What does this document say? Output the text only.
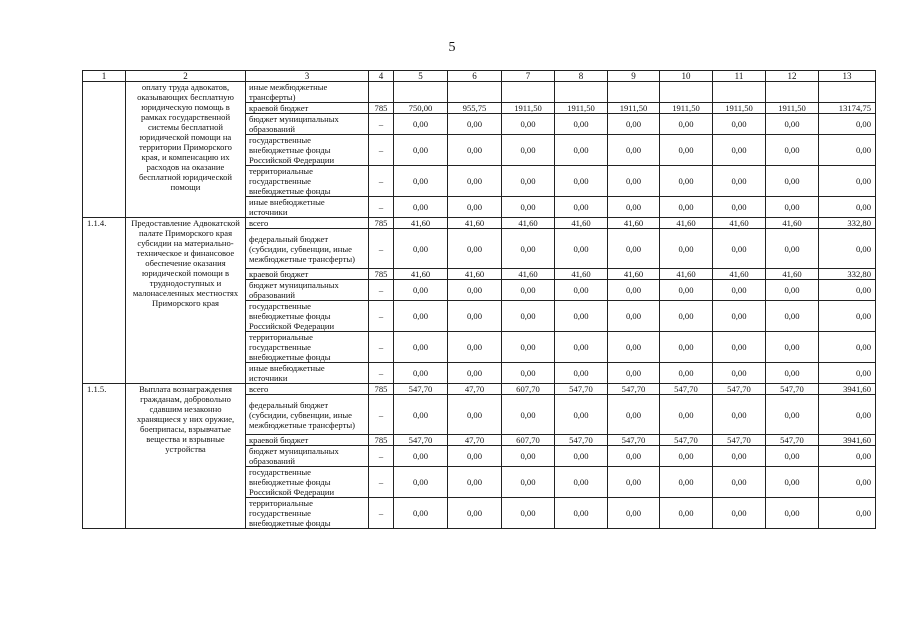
5
1	2	3	4	5	6	7	8	9	10	11	12	13
	оплату труда адвокатов, оказывающих бесплатную юридическую помощь в рамках государственной системы бесплатной юридической помощи на территории Приморского края, и компенсацию их расходов на оказание бесплатной юридической помощи	иные межбюджетные трансферты)										
		краевой бюджет	785	750,00	955,75	1911,50	1911,50	1911,50	1911,50	1911,50	1911,50	13174,75
		бюджет муниципальных образований	–	0,00	0,00	0,00	0,00	0,00	0,00	0,00	0,00	0,00
		государственные внебюджетные фонды Российской Федерации	–	0,00	0,00	0,00	0,00	0,00	0,00	0,00	0,00	0,00
		территориальные государственные внебюджетные фонды	–	0,00	0,00	0,00	0,00	0,00	0,00	0,00	0,00	0,00
		иные внебюджетные источники	–	0,00	0,00	0,00	0,00	0,00	0,00	0,00	0,00	0,00
1.1.4.	Предоставление Адвокатской палате Приморского края субсидии на материально-техническое и финансовое обеспечение оказания юридической помощи в труднодоступных и малонаселенных местностях Приморского края	всего	785	41,60	41,60	41,60	41,60	41,60	41,60	41,60	41,60	332,80
		федеральный бюджет (субсидии, субвенции, иные межбюджетные трансферты)	–	0,00	0,00	0,00	0,00	0,00	0,00	0,00	0,00	0,00
		краевой бюджет	785	41,60	41,60	41,60	41,60	41,60	41,60	41,60	41,60	332,80
		бюджет муниципальных образований	–	0,00	0,00	0,00	0,00	0,00	0,00	0,00	0,00	0,00
		государственные внебюджетные фонды Российской Федерации	–	0,00	0,00	0,00	0,00	0,00	0,00	0,00	0,00	0,00
		территориальные государственные внебюджетные фонды	–	0,00	0,00	0,00	0,00	0,00	0,00	0,00	0,00	0,00
		иные внебюджетные источники	–	0,00	0,00	0,00	0,00	0,00	0,00	0,00	0,00	0,00
1.1.5.	Выплата вознаграждения гражданам, добровольно сдавшим незаконно хранящиеся у них оружие, боеприпасы, взрывчатые вещества и взрывные устройства	всего	785	547,70	47,70	607,70	547,70	547,70	547,70	547,70	547,70	3941,60
		федеральный бюджет (субсидии, субвенции, иные межбюджетные трансферты)	–	0,00	0,00	0,00	0,00	0,00	0,00	0,00	0,00	0,00
		краевой бюджет	785	547,70	47,70	607,70	547,70	547,70	547,70	547,70	547,70	3941,60
		бюджет муниципальных образований	–	0,00	0,00	0,00	0,00	0,00	0,00	0,00	0,00	0,00
		государственные внебюджетные фонды Российской Федерации	–	0,00	0,00	0,00	0,00	0,00	0,00	0,00	0,00	0,00
		территориальные государственные внебюджетные фонды	–	0,00	0,00	0,00	0,00	0,00	0,00	0,00	0,00	0,00
